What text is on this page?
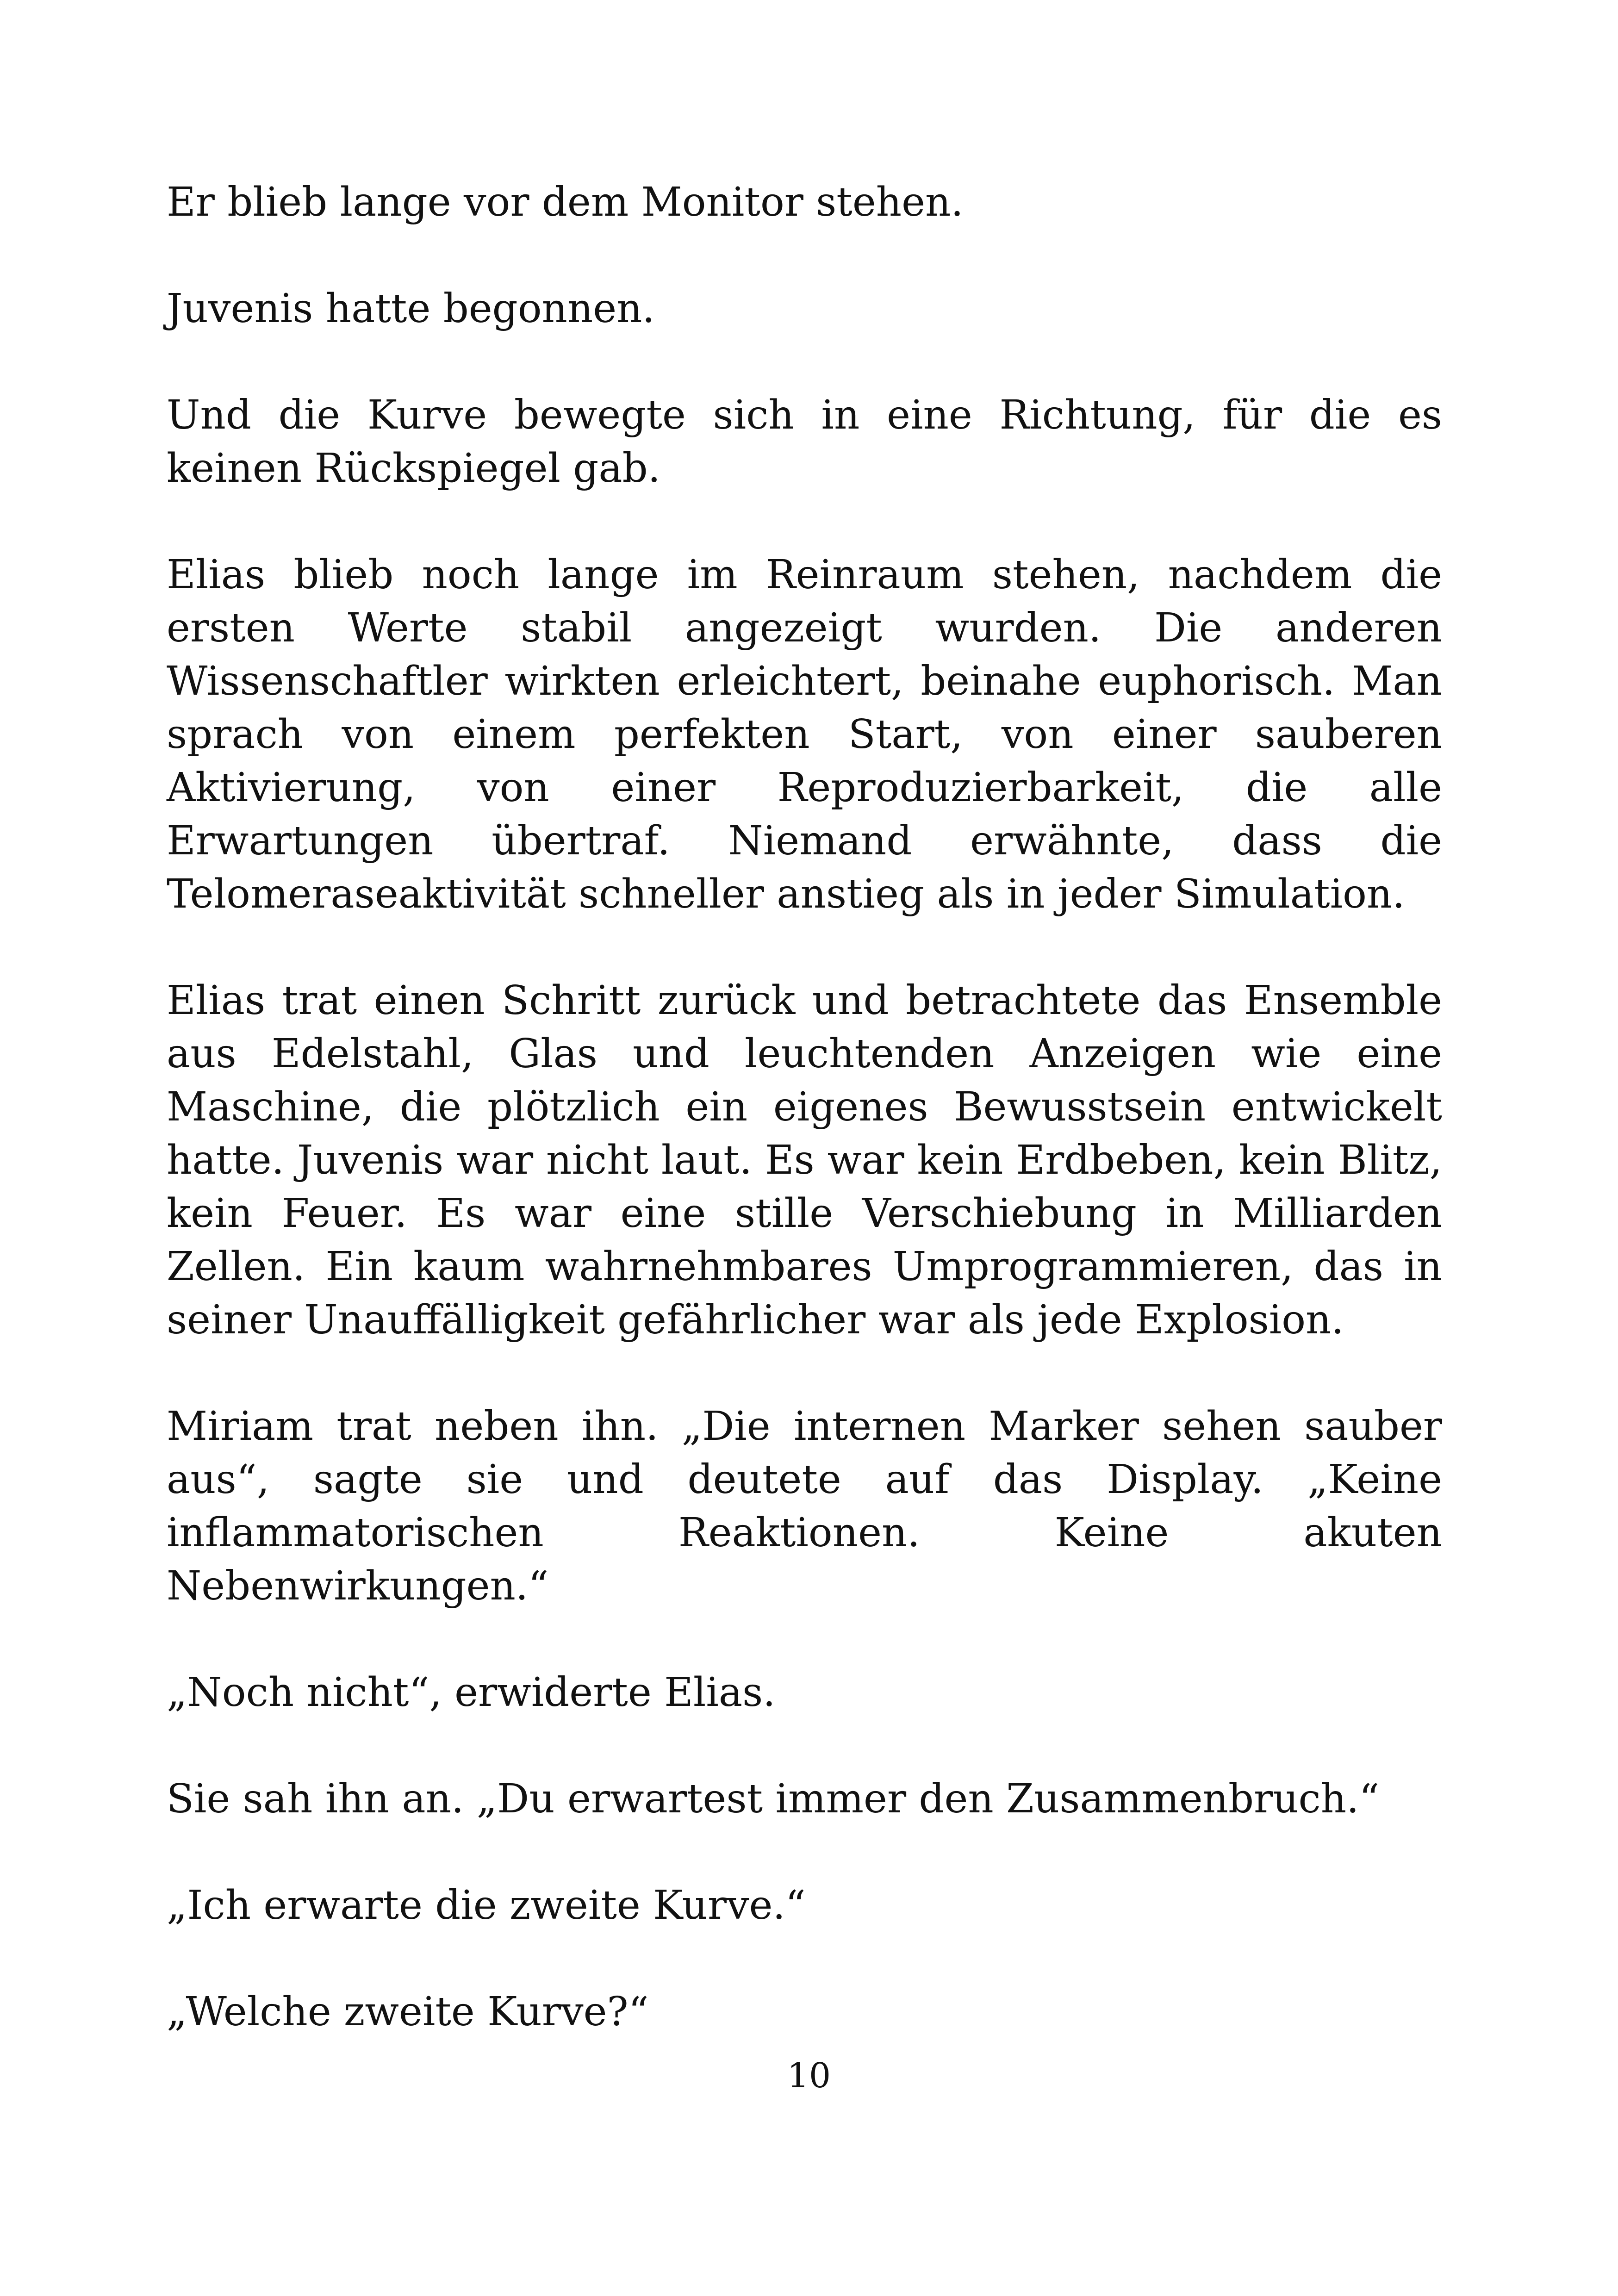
Er blieb lange vor dem Monitor stehen.

Juvenis hatte begonnen.

Und die Kurve bewegte sich in eine Richtung, für die es keinen Rückspiegel gab.

Elias blieb noch lange im Reinraum stehen, nachdem die ersten Werte stabil angezeigt wurden. Die anderen Wissenschaftler wirkten erleichtert, beinahe euphorisch. Man sprach von einem perfekten Start, von einer sauberen Aktivierung, von einer Reproduzierbarkeit, die alle Erwartungen übertraf. Niemand erwähnte, dass die Telomeraseaktivität schneller anstieg als in jeder Simulation.

Elias trat einen Schritt zurück und betrachtete das Ensemble aus Edelstahl, Glas und leuchtenden Anzeigen wie eine Maschine, die plötzlich ein eigenes Bewusstsein entwickelt hatte. Juvenis war nicht laut. Es war kein Erdbeben, kein Blitz, kein Feuer. Es war eine stille Verschiebung in Milliarden Zellen. Ein kaum wahrnehmbares Umprogrammieren, das in seiner Unauffälligkeit gefährlicher war als jede Explosion.

Miriam trat neben ihn. „Die internen Marker sehen sauber aus“, sagte sie und deutete auf das Display. „Keine inflammatorischen Reaktionen. Keine akuten Nebenwirkungen.“

„Noch nicht“, erwiderte Elias.

Sie sah ihn an. „Du erwartest immer den Zusammenbruch.“

„Ich erwarte die zweite Kurve.“

„Welche zweite Kurve?“

10
